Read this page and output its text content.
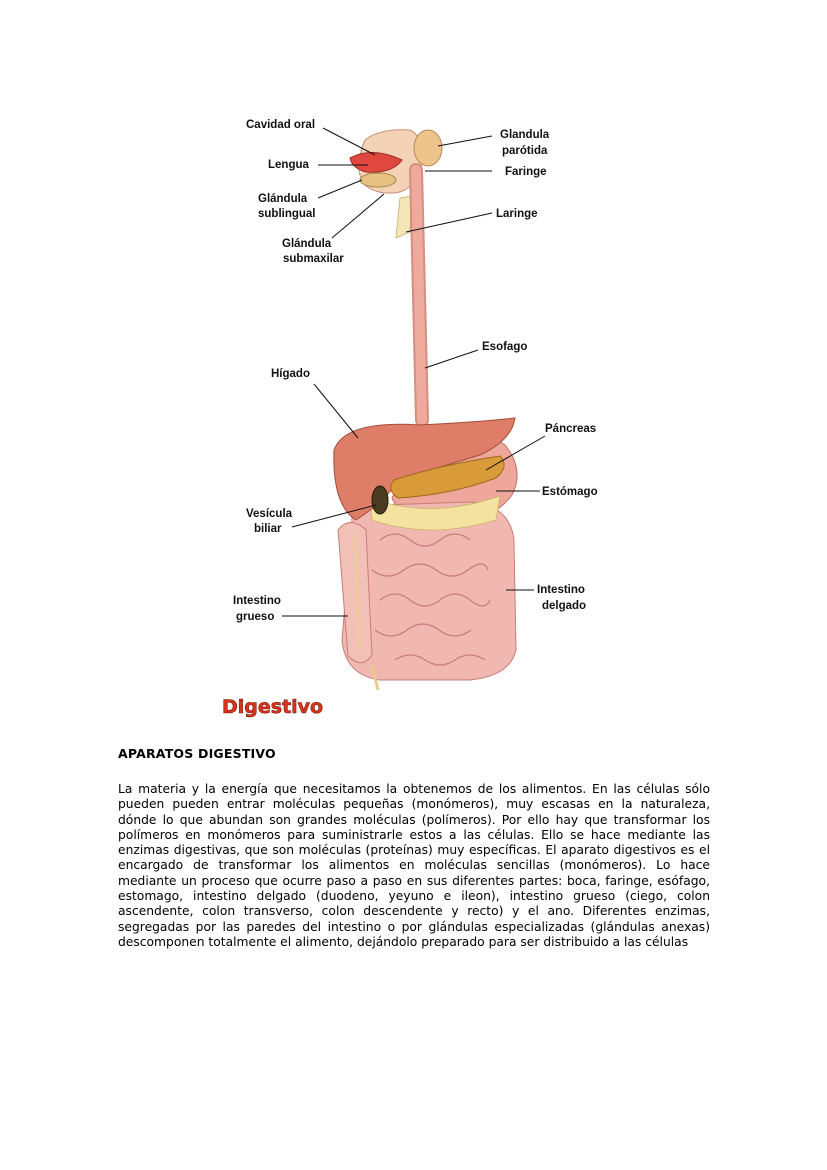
Cavidad oral
Lengua
Glándula
sublingual
Glándula
submaxilar
Glandula
parótida
Faringe
Laringe
Esofago
Hígado
Páncreas
Estómago
Vesícula
biliar
Intestino
grueso
Intestino
delgado
Digestivo
APARATOS DIGESTIVO

La materia y la energía que necesitamos la obtenemos de los alimentos. En las células sólo pueden pueden entrar moléculas pequeñas (monómeros), muy escasas en la naturaleza, dónde lo que abundan son grandes moléculas (polímeros). Por ello hay que transformar los polímeros en monómeros para suministrarle estos a las células. Ello se hace mediante las enzimas digestivas, que son moléculas (proteínas) muy específicas. El aparato digestivos es el encargado de transformar los alimentos en moléculas sencillas (monómeros). Lo hace mediante un proceso que ocurre paso a paso en sus diferentes partes: boca, faringe, esófago, estomago, intestino delgado (duodeno, yeyuno e ileon), intestino grueso (ciego, colon ascendente, colon transverso, colon descendente y recto) y el ano. Diferentes enzimas, segregadas por las paredes del intestino o por glándulas especializadas (glándulas anexas) descomponen totalmente el alimento, dejándolo preparado para ser distribuido a las células
